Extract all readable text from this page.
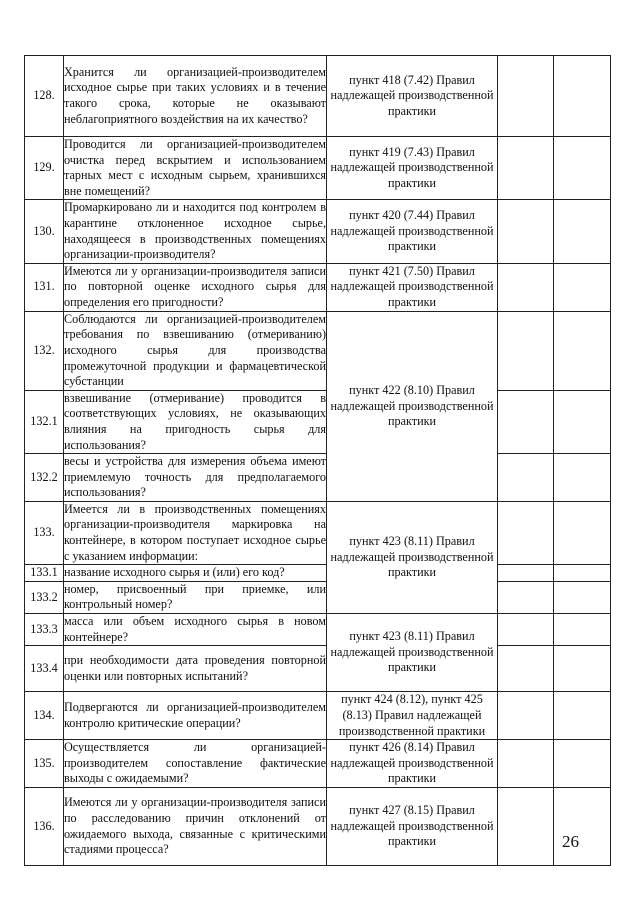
128.	Хранится ли организацией-производителем исходное сырье при таких условиях и в течение такого срока, которые не оказывают неблагоприятного воздействия на их качество?	пункт 418 (7.42) Правил надлежащей производственной практики		
129.	Проводится ли организацией-производителем очистка перед вскрытием и использованием тарных мест с исходным сырьем, хранившихся вне помещений?	пункт 419 (7.43) Правил надлежащей производственной практики		
130.	Промаркировано ли и находится под контролем в карантине отклоненное исходное сырье, находящееся в производственных помещениях организации-производителя?	пункт 420 (7.44) Правил надлежащей производственной практики		
131.	Имеются ли у организации-производителя записи по повторной оценке исходного сырья для определения его пригодности?	пункт 421 (7.50) Правил надлежащей производственной практики		
132.	Соблюдаются ли организацией-производителем требования по взвешиванию (отмериванию) исходного сырья для производства промежуточной продукции и фармацевтической субстанции	пункт 422 (8.10) Правил надлежащей производственной практики		
132.1	взвешивание (отмеривание) проводится в соответствующих условиях, не оказывающих влияния на пригодность сырья для использования?			
132.2	весы и устройства для измерения объема имеют приемлемую точность для предполагаемого использования?			
133.	Имеется ли в производственных помещениях организации-производителя маркировка на контейнере, в котором поступает исходное сырье с указанием информации:	пункт 423 (8.11) Правил надлежащей производственной практики		
133.1	название исходного сырья и (или) его код?			
133.2	номер, присвоенный при приемке, или контрольный номер?			
133.3	масса или объем исходного сырья в новом контейнере?	пункт 423 (8.11) Правил надлежащей производственной практики		
133.4	при необходимости дата проведения повторной оценки или повторных испытаний?			
134.	Подвергаются ли организацией-производителем контролю критические операции?	пункт 424 (8.12), пункт 425 (8.13) Правил надлежащей производственной практики		
135.	Осуществляется ли организацией-производителем сопоставление фактические выходы с ожидаемыми?	пункт 426 (8.14) Правил надлежащей производственной практики		
136.	Имеются ли у организации-производителя записи по расследованию причин отклонений от ожидаемого выхода, связанные с критическими стадиями процесса?	пункт 427 (8.15) Правил надлежащей производственной практики			26
